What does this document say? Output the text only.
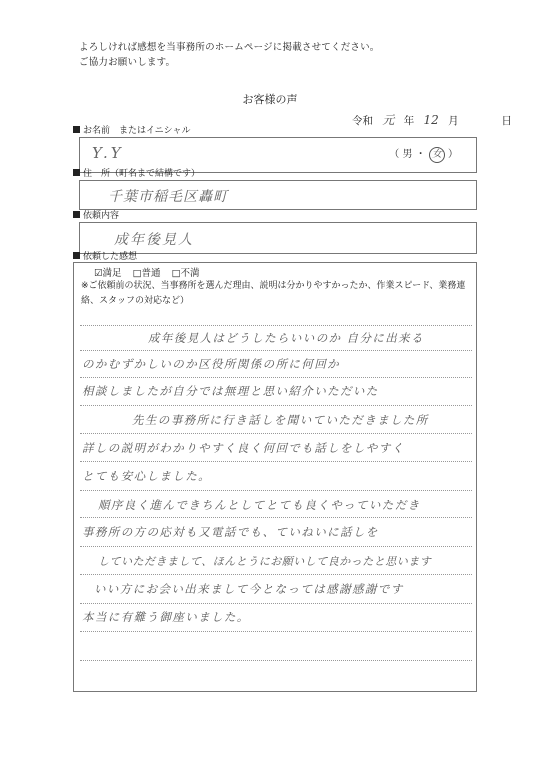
よろしければ感想を当事務所のホームページに掲載させてください。
ご協力お願いします。
お客様の声
令和 元 年 12 月	日
お名前　またはイニシャル
Y.Y	（ 男 ・ 女 ）
住　所（町名まで結構です）
千葉市稲毛区轟町
依頼内容
成年後見人
依頼した感想
☑満足 □普通 □不満
※ご依頼前の状況、当事務所を選んだ理由、説明は分かりやすかったか、作業スピード、業務連絡、スタッフの対応など）
成年後見人はどうしたらいいのか 自分に出来る
のかむずかしいのか区役所関係の所に何回か
相談しましたが自分では無理と思い紹介いただいた
先生の事務所に行き話しを聞いていただきました所
詳しの説明がわかりやすく良く何回でも話しをしやすく
とても安心しました。
順序良く進んできちんとしてとても良くやっていただき
事務所の方の応対も又電話でも、ていねいに話しを
していただきまして、ほんとうにお願いして良かったと思います
いい方にお会い出来まして今となっては感謝感謝です
本当に有難う御座いました。
